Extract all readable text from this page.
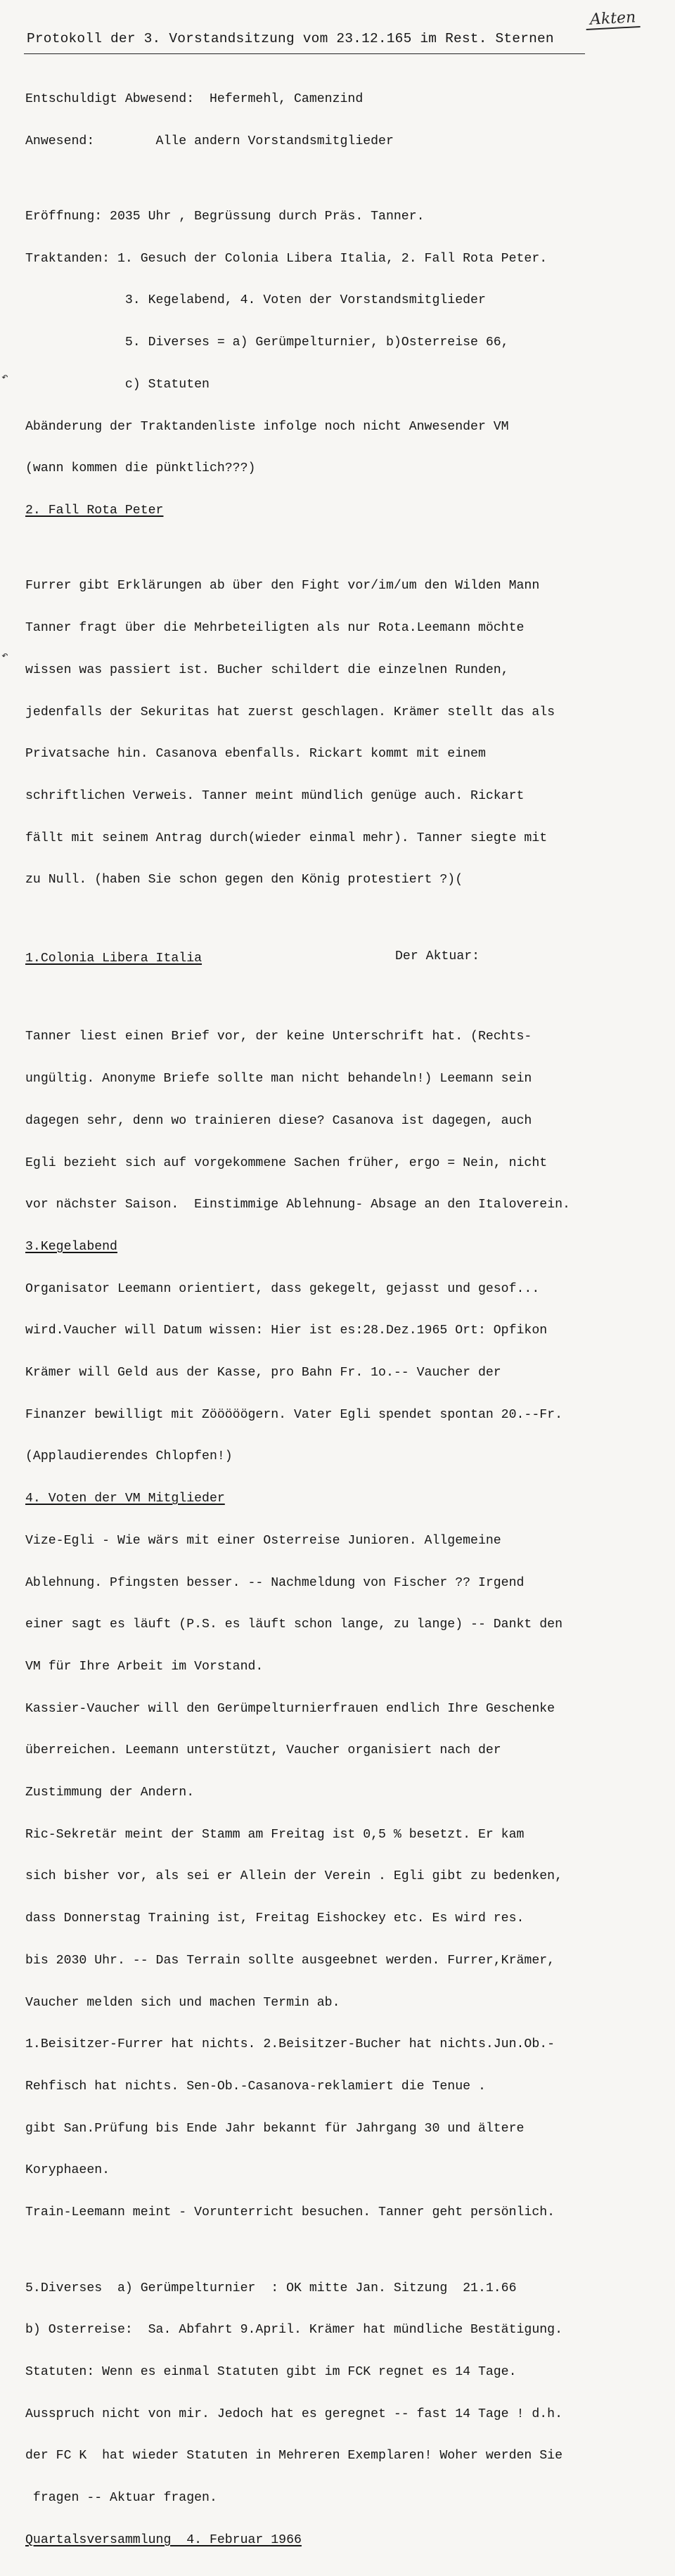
Akten
Protokoll der 3. Vorstandsitzung vom 23.12.165 im Rest. Sternen

Entschuldigt Abwesend:  Hefermehl, Camenzind

Anwesend:        Alle andern Vorstandsmitglieder

Eröffnung: 2035 Uhr , Begrüssung durch Präs. Tanner.

Traktanden: 1. Gesuch der Colonia Libera Italia, 2. Fall Rota Peter.

3. Kegelabend, 4. Voten der Vorstandsmitglieder

5. Diverses = a) Gerümpelturnier, b)Osterreise 66,

c) Statuten

Abänderung der Traktandenliste infolge noch nicht Anwesender VM

(wann kommen die pünktlich???)

2. Fall Rota Peter

Furrer gibt Erklärungen ab über den Fight vor/im/um den Wilden Mann

Tanner fragt über die Mehrbeteiligten als nur Rota.Leemann möchte

wissen was passiert ist. Bucher schildert die einzelnen Runden,

jedenfalls der Sekuritas hat zuerst geschlagen. Krämer stellt das als

Privatsache hin. Casanova ebenfalls. Rickart kommt mit einem

schriftlichen Verweis. Tanner meint mündlich genüge auch. Rickart

fällt mit seinem Antrag durch(wieder einmal mehr). Tanner siegte mit

zu Null. (haben Sie schon gegen den König protestiert ?)(

1.Colonia Libera Italia

Tanner liest einen Brief vor, der keine Unterschrift hat. (Rechts-

ungültig. Anonyme Briefe sollte man nicht behandeln!) Leemann sein

dagegen sehr, denn wo trainieren diese? Casanova ist dagegen, auch

Egli bezieht sich auf vorgekommene Sachen früher, ergo = Nein, nicht

vor nächster Saison.  Einstimmige Ablehnung- Absage an den Italoverein.

3.Kegelabend

Organisator Leemann orientiert, dass gekegelt, gejasst und gesof...

wird.Vaucher will Datum wissen: Hier ist es:28.Dez.1965 Ort: Opfikon

Krämer will Geld aus der Kasse, pro Bahn Fr. 1o.-- Vaucher der

Finanzer bewilligt mit Zööööögern. Vater Egli spendet spontan 20.--Fr.

(Applaudierendes Chlopfen!)

4. Voten der VM Mitglieder

Vize-Egli - Wie wärs mit einer Osterreise Junioren. Allgemeine

Ablehnung. Pfingsten besser. -- Nachmeldung von Fischer ?? Irgend

einer sagt es läuft (P.S. es läuft schon lange, zu lange) -- Dankt den

VM für Ihre Arbeit im Vorstand.

Kassier-Vaucher will den Gerümpelturnierfrauen endlich Ihre Geschenke

überreichen. Leemann unterstützt, Vaucher organisiert nach der

Zustimmung der Andern.

Ric-Sekretär meint der Stamm am Freitag ist 0,5 % besetzt. Er kam

sich bisher vor, als sei er Allein der Verein . Egli gibt zu bedenken,

dass Donnerstag Training ist, Freitag Eishockey etc. Es wird res.

bis 2030 Uhr. -- Das Terrain sollte ausgeebnet werden. Furrer,Krämer,

Vaucher melden sich und machen Termin ab.

1.Beisitzer-Furrer hat nichts. 2.Beisitzer-Bucher hat nichts.Jun.Ob.-

Rehfisch hat nichts. Sen-Ob.-Casanova-reklamiert die Tenue .

gibt San.Prüfung bis Ende Jahr bekannt für Jahrgang 30 und ältere

Koryphaeen.

Train-Leemann meint - Vorunterricht besuchen. Tanner geht persönlich.

5.Diverses  a) Gerümpelturnier  : OK mitte Jan. Sitzung  21.1.66

b) Osterreise:  Sa. Abfahrt 9.April. Krämer hat mündliche Bestätigung.

Statuten: Wenn es einmal Statuten gibt im FCK regnet es 14 Tage.

Ausspruch nicht von mir. Jedoch hat es geregnet -- fast 14 Tage ! d.h.

der FC K  hat wieder Statuten in Mehreren Exemplaren! Woher werden Sie

fragen -- Aktuar fragen.

Quartalsversammlung  4. Februar 1966

Der Aktuar:
↶
↶
